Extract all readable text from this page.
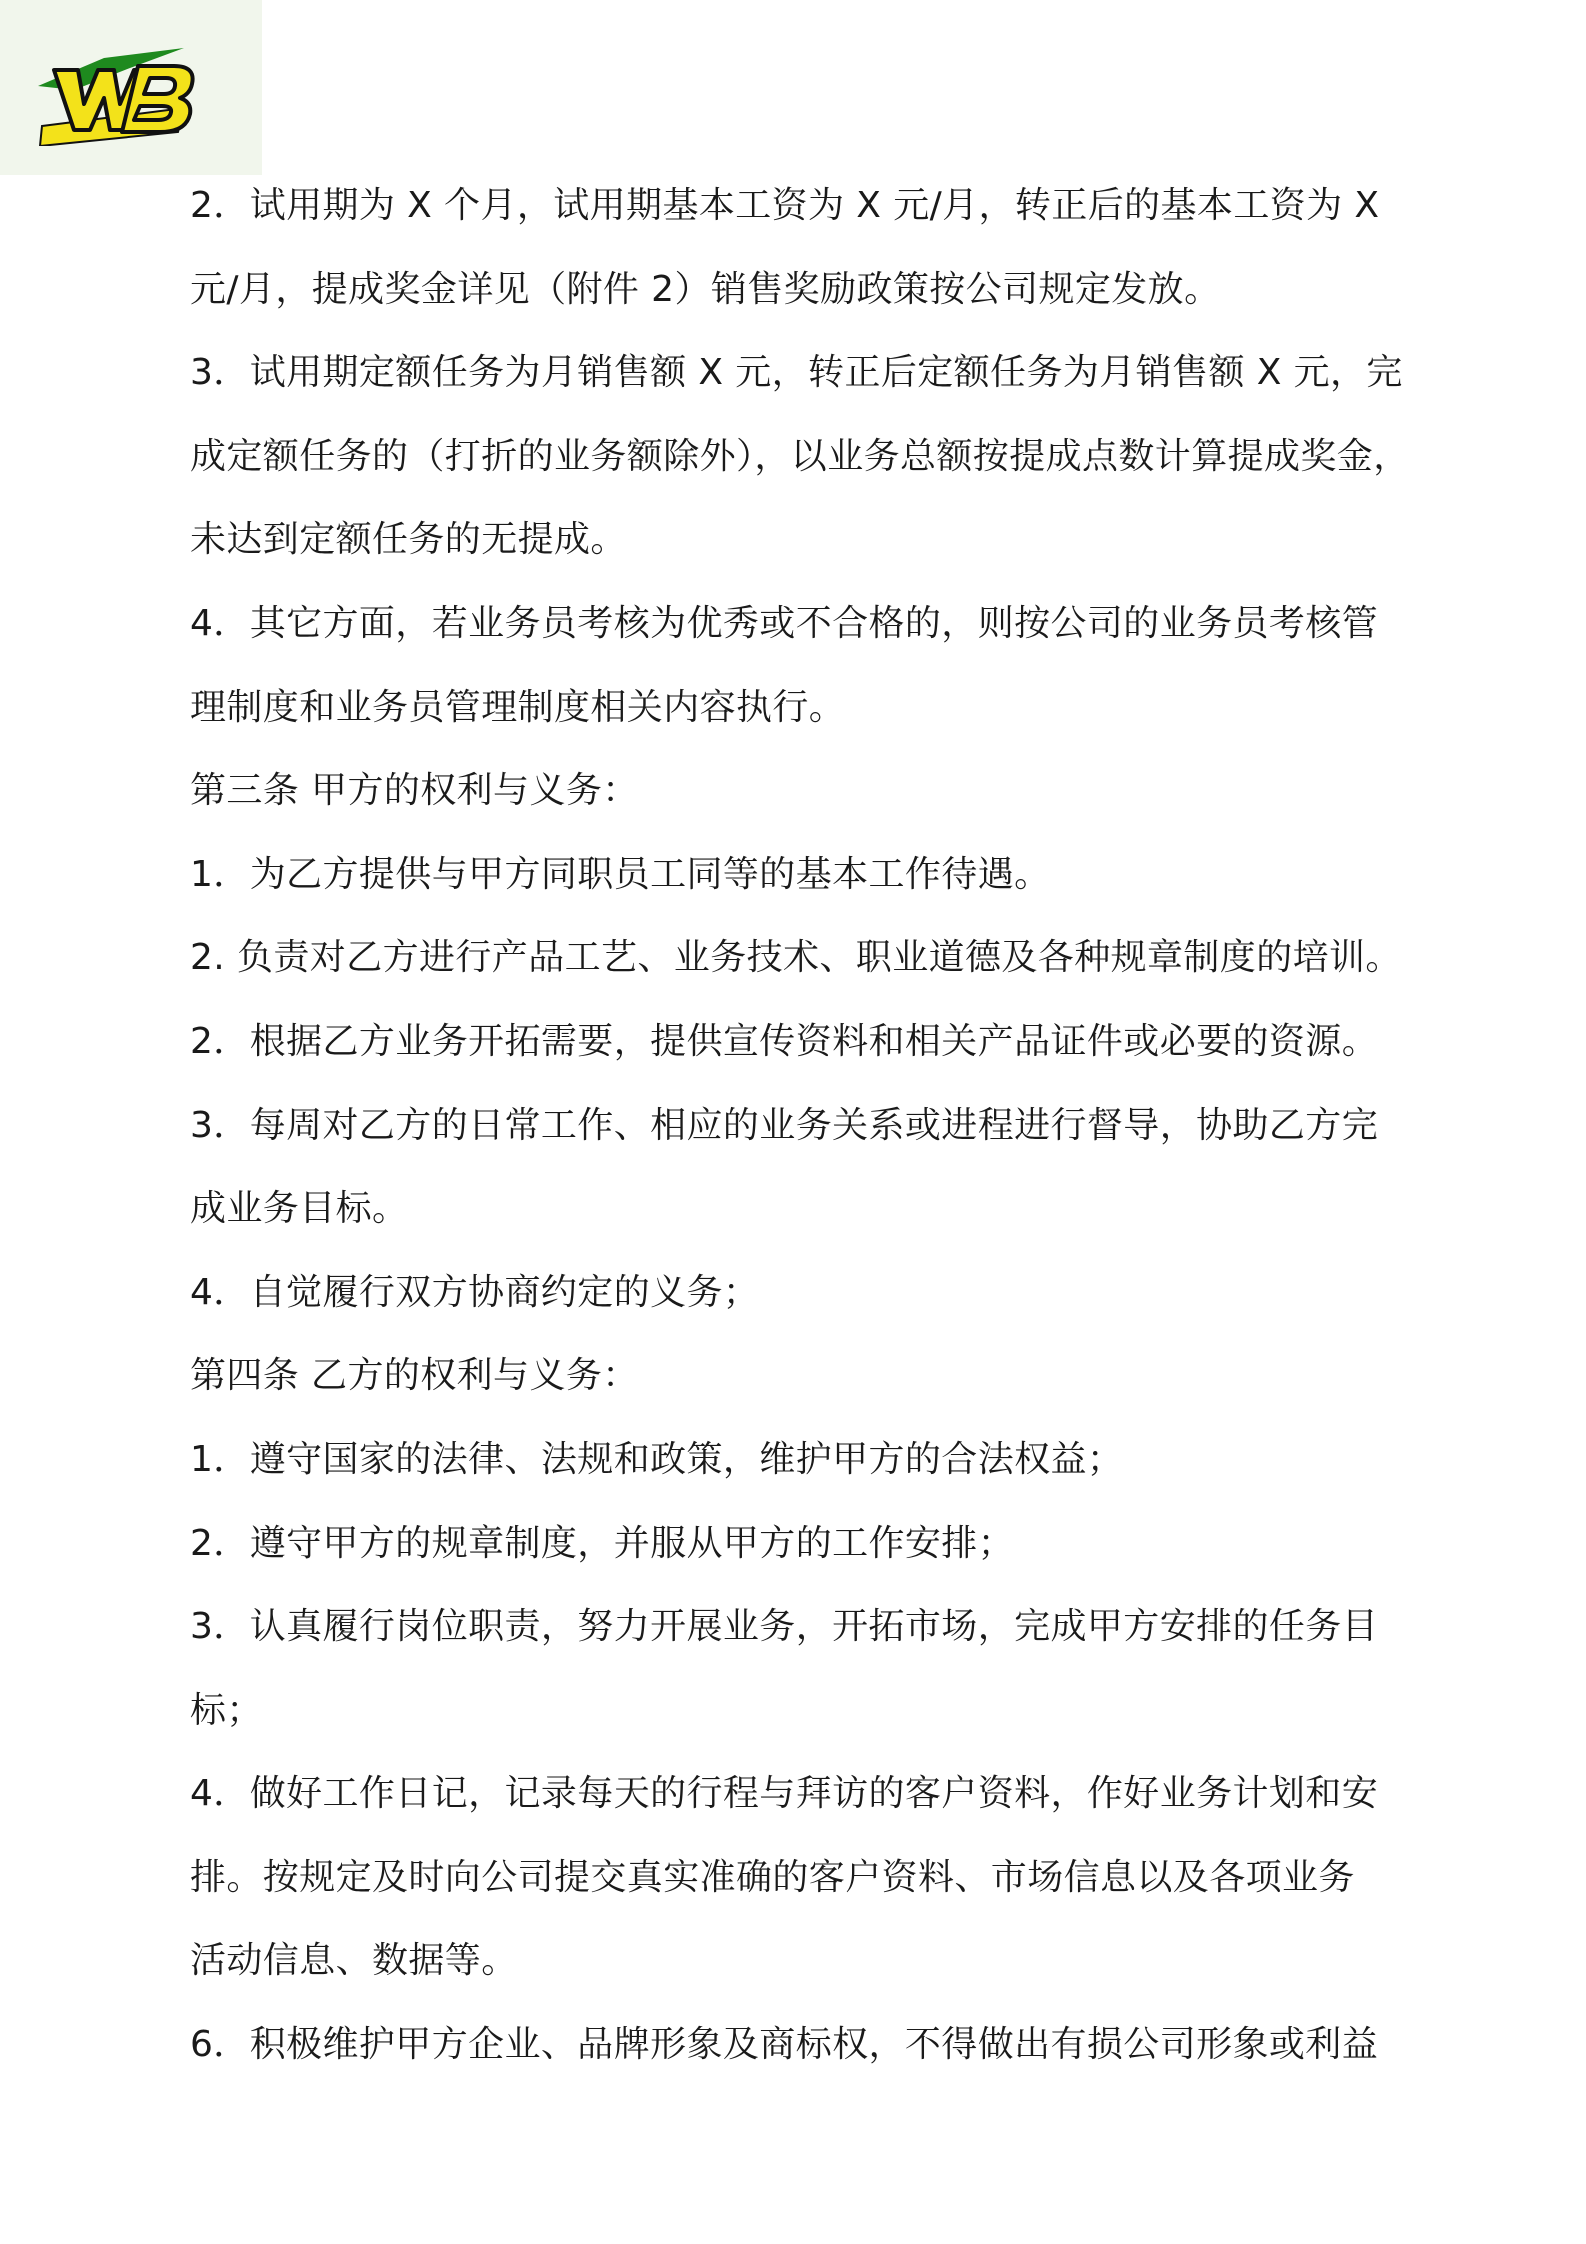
2．试用期为 X 个月，试用期基本工资为 X 元/月，转正后的基本工资为 X
元/月，提成奖金详见（附件 2）销售奖励政策按公司规定发放。
3．试用期定额任务为月销售额 X 元，转正后定额任务为月销售额 X 元，完
成定额任务的（打折的业务额除外），以业务总额按提成点数计算提成奖金，
未达到定额任务的无提成。
4．其它方面，若业务员考核为优秀或不合格的，则按公司的业务员考核管
理制度和业务员管理制度相关内容执行。
第三条 甲方的权利与义务：
1．为乙方提供与甲方同职员工同等的基本工作待遇。
2. 负责对乙方进行产品工艺、业务技术、职业道德及各种规章制度的培训。
2．根据乙方业务开拓需要，提供宣传资料和相关产品证件或必要的资源。
3．每周对乙方的日常工作、相应的业务关系或进程进行督导，协助乙方完
成业务目标。
4．自觉履行双方协商约定的义务；
第四条 乙方的权利与义务：
1．遵守国家的法律、法规和政策，维护甲方的合法权益；
2．遵守甲方的规章制度，并服从甲方的工作安排；
3．认真履行岗位职责，努力开展业务，开拓市场，完成甲方安排的任务目
标；
4．做好工作日记，记录每天的行程与拜访的客户资料，作好业务计划和安
排。按规定及时向公司提交真实准确的客户资料、市场信息以及各项业务
活动信息、数据等。
6．积极维护甲方企业、品牌形象及商标权，不得做出有损公司形象或利益
